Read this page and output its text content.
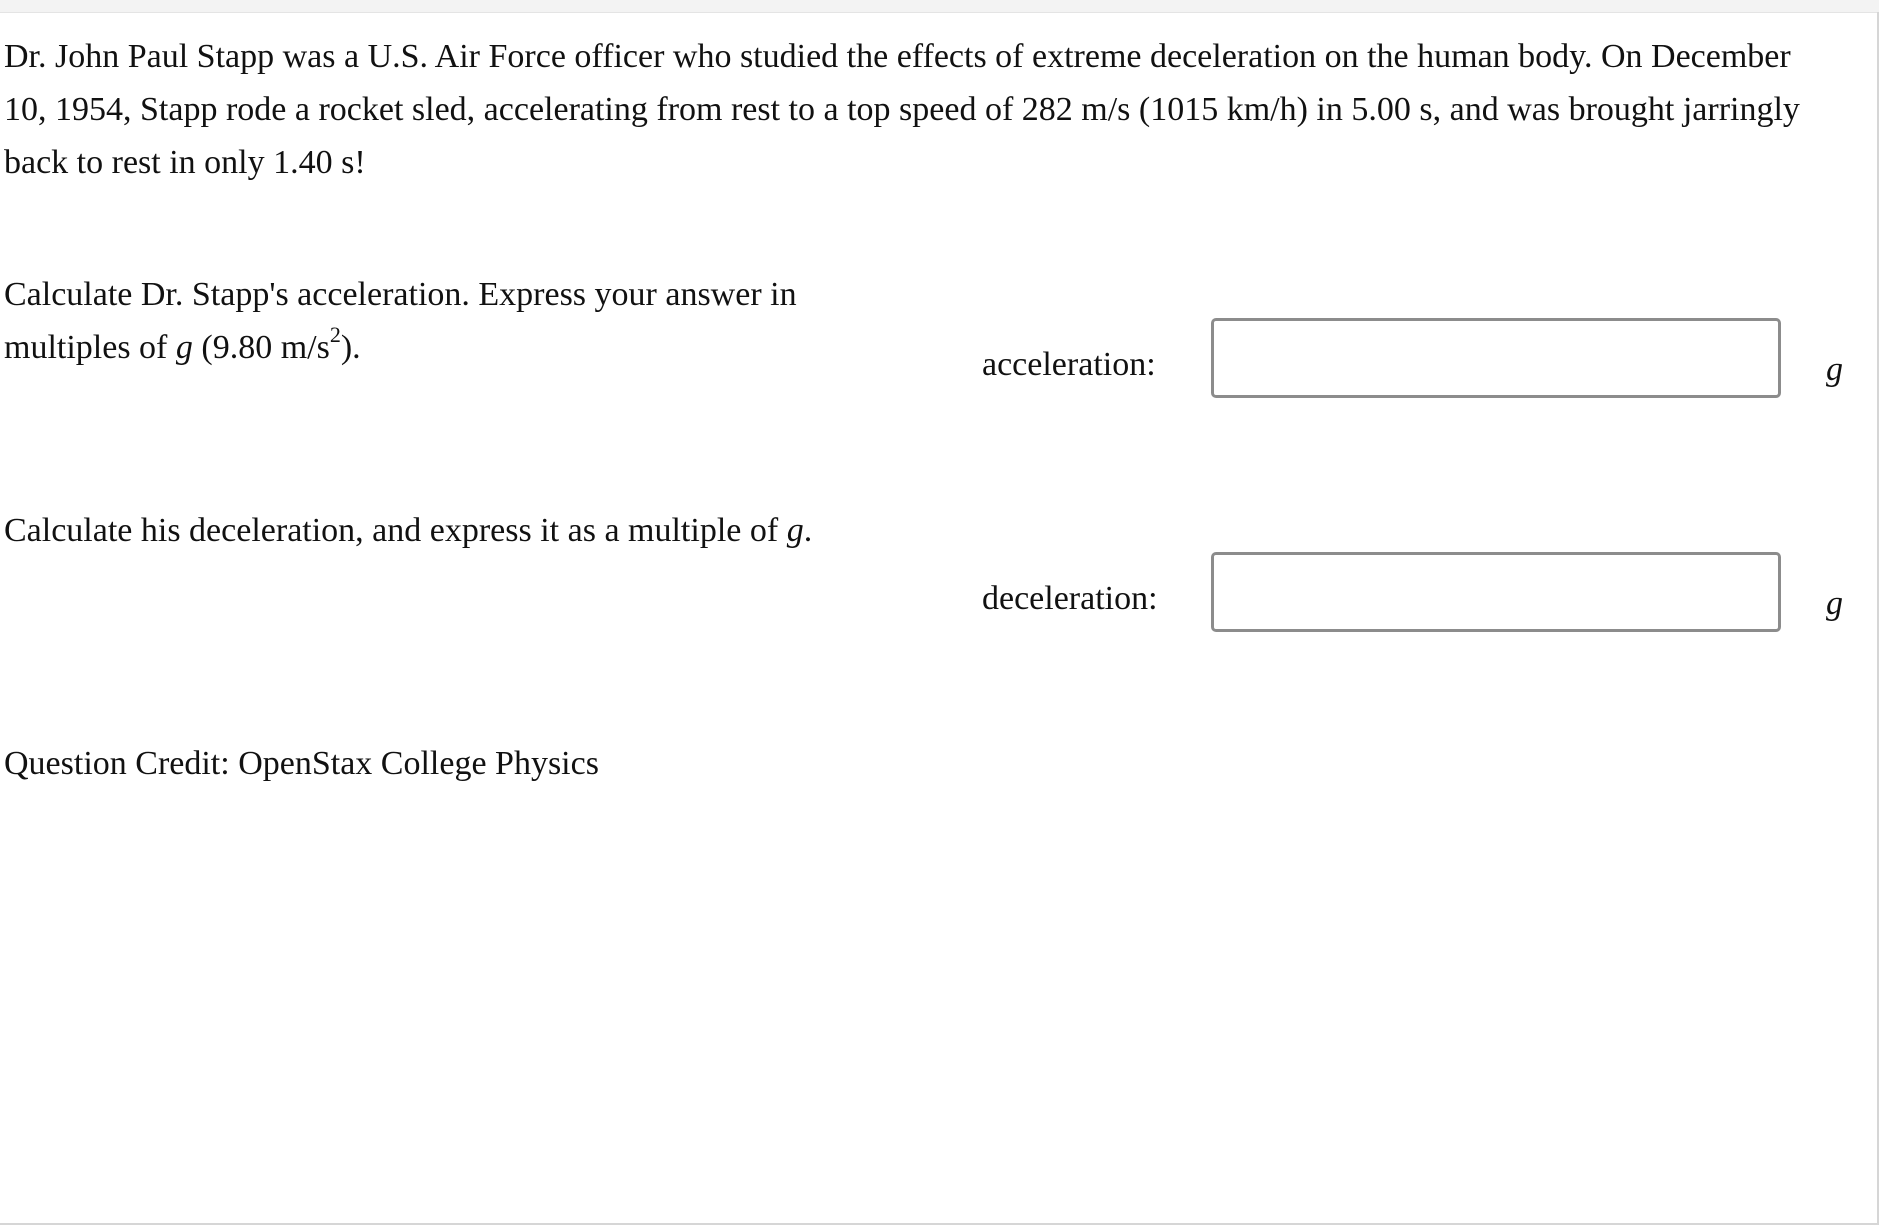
Dr. John Paul Stapp was a U.S. Air Force officer who studied the effects of extreme deceleration on the human body. On December 10, 1954, Stapp rode a rocket sled, accelerating from rest to a top speed of 282 m/s (1015 km/h) in 5.00 s, and was brought jarringly back to rest in only 1.40 s!
Calculate Dr. Stapp's acceleration. Express your answer in multiples of g (9.80 $m/s^2$).	acceleration:	g
Calculate his deceleration, and express it as a multiple of g.
deceleration:	g
Question Credit: OpenStax College Physics
